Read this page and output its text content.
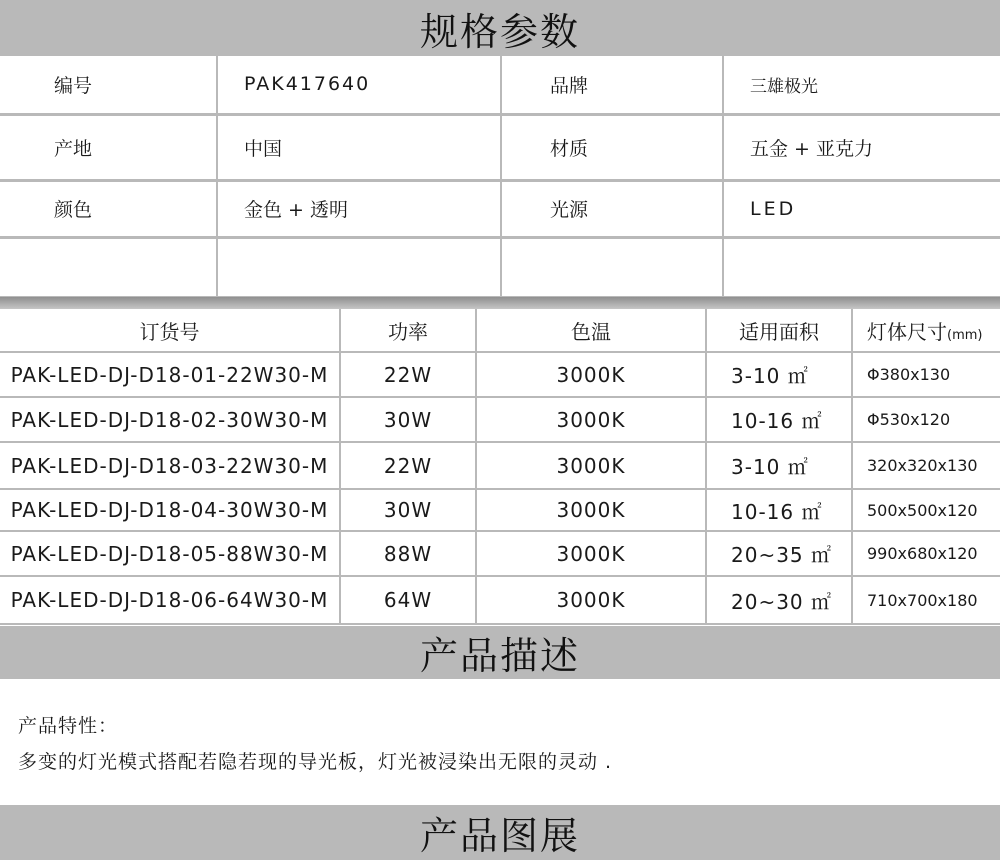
规格参数
编号	PAK417640	品牌	三雄极光
产地	中国	材质	五金 + 亚克力
颜色	金色 + 透明	光源	LED

订货号	功率	色温	适用面积	灯体尺寸(mm)
PAK-LED-DJ-D18-01-22W30-M	22W	3000K	3-10 ㎡	Φ380x130
PAK-LED-DJ-D18-02-30W30-M	30W	3000K	10-16 ㎡	Φ530x120
PAK-LED-DJ-D18-03-22W30-M	22W	3000K	3-10 ㎡	320x320x130
PAK-LED-DJ-D18-04-30W30-M	30W	3000K	10-16 ㎡	500x500x120
PAK-LED-DJ-D18-05-88W30-M	88W	3000K	20~35 ㎡	990x680x120
PAK-LED-DJ-D18-06-64W30-M	64W	3000K	20~30 ㎡	710x700x180
产品描述

产品特性：

多变的灯光模式搭配若隐若现的导光板，灯光被浸染出无限的灵动 .

产品图展
